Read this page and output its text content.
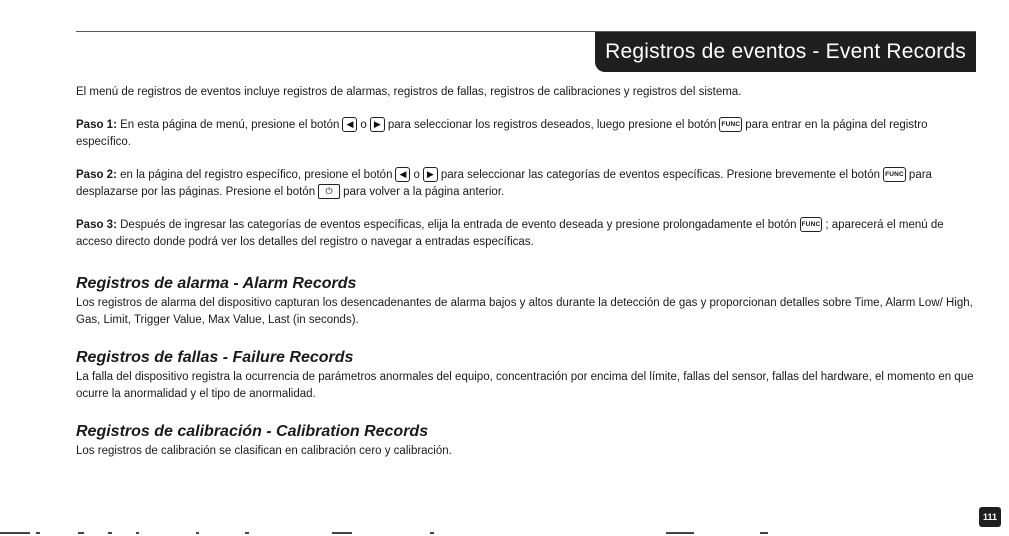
Registros de eventos - Event Records

El menú de registros de eventos incluye registros de alarmas, registros de fallas, registros de calibraciones y registros del sistema.

Paso 1: En esta página de menú, presione el botón ◀ o ▶ para seleccionar los registros deseados, luego presione el botón FUNC para entrar en la página del registro específico.

Paso 2: en la página del registro específico, presione el botón ◀ o ▶ para seleccionar las categorías de eventos específicas. Presione brevemente el botón FUNC para desplazarse por las páginas. Presione el botón ⏻ para volver a la página anterior.

Paso 3: Después de ingresar las categorías de eventos específicas, elija la entrada de evento deseada y presione prolongadamente el botón FUNC ; aparecerá el menú de acceso directo donde podrá ver los detalles del registro o navegar a entradas específicas.

Registros de alarma - Alarm Records

Los registros de alarma del dispositivo capturan los desencadenantes de alarma bajos y altos durante la detección de gas y proporcionan detalles sobre Time, Alarm Low/ High, Gas, Limit, Trigger Value, Max Value, Last (in seconds).

Registros de fallas - Failure Records

La falla del dispositivo registra la ocurrencia de parámetros anormales del equipo, concentración por encima del límite, fallas del sensor, fallas del hardware, el momento en que ocurre la anormalidad y el tipo de anormalidad.

Registros de calibración - Calibration Records

Los registros de calibración se clasifican en calibración cero y calibración.

111
